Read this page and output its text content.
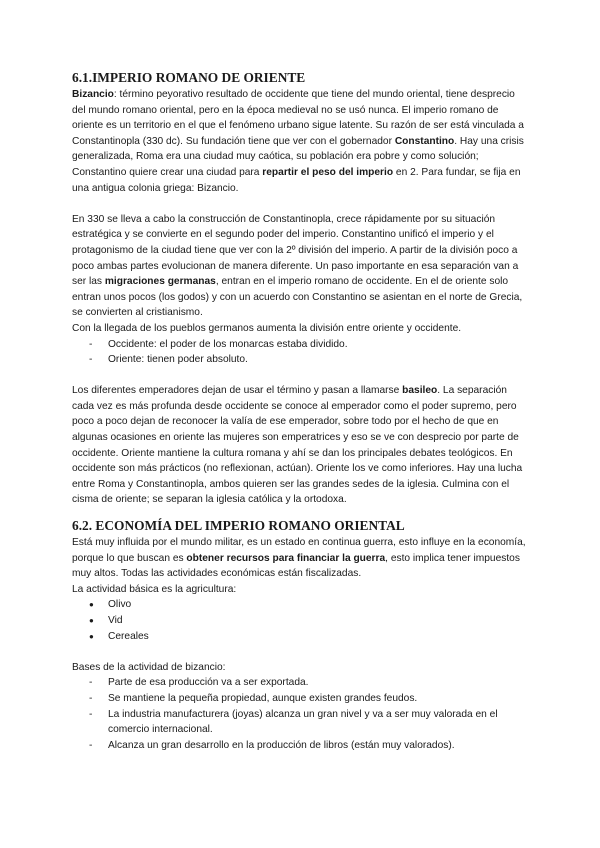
6.1.IMPERIO ROMANO DE ORIENTE

Bizancio: término peyorativo resultado de occidente que tiene del mundo oriental, tiene desprecio del mundo romano oriental, pero en la época medieval no se usó nunca. El imperio romano de oriente es un territorio en el que el fenómeno urbano sigue latente. Su razón de ser está vinculada a Constantinopla (330 dc). Su fundación tiene que ver con el gobernador Constantino. Hay una crisis generalizada, Roma era una ciudad muy caótica, su población era pobre y como solución; Constantino quiere crear una ciudad para repartir el peso del imperio en 2. Para fundar, se fija en una antigua colonia griega: Bizancio.

En 330 se lleva a cabo la construcción de Constantinopla, crece rápidamente por su situación estratégica y se convierte en el segundo poder del imperio. Constantino unificó el imperio y el protagonismo de la ciudad tiene que ver con la 2º división del imperio. A partir de la división poco a poco ambas partes evolucionan de manera diferente. Un paso importante en esa separación van a ser las migraciones germanas, entran en el imperio romano de occidente. En el de oriente solo entran unos pocos (los godos) y con un acuerdo con Constantino se asientan en el norte de Grecia, se convierten al cristianismo.

Con la llegada de los pueblos germanos aumenta la división entre oriente y occidente.

- Occidente: el poder de los monarcas estaba dividido.
- Oriente: tienen poder absoluto.

Los diferentes emperadores dejan de usar el término y pasan a llamarse basileo. La separación cada vez es más profunda desde occidente se conoce al emperador como el poder supremo, pero poco a poco dejan de reconocer la valía de ese emperador, sobre todo por el hecho de que en algunas ocasiones en oriente las mujeres son emperatrices y eso se ve con desprecio por parte de occidente. Oriente mantiene la cultura romana y ahí se dan los principales debates teológicos. En occidente son más prácticos (no reflexionan, actúan). Oriente los ve como inferiores. Hay una lucha entre Roma y Constantinopla, ambos quieren ser las grandes sedes de la iglesia. Culmina con el cisma de oriente; se separan la iglesia católica y la ortodoxa.

6.2. ECONOMÍA DEL IMPERIO ROMANO ORIENTAL

Está muy influida por el mundo militar, es un estado en continua guerra, esto influye en la economía, porque lo que buscan es obtener recursos para financiar la guerra, esto implica tener impuestos muy altos. Todas las actividades económicas están fiscalizadas.

La actividad básica es la agricultura:

● Olivo
● Vid
● Cereales

Bases de la actividad de bizancio:

- Parte de esa producción va a ser exportada.
- Se mantiene la pequeña propiedad, aunque existen grandes feudos.
- La industria manufacturera (joyas) alcanza un gran nivel y va a ser muy valorada en el comercio internacional.
- Alcanza un gran desarrollo en la producción de libros (están muy valorados).
